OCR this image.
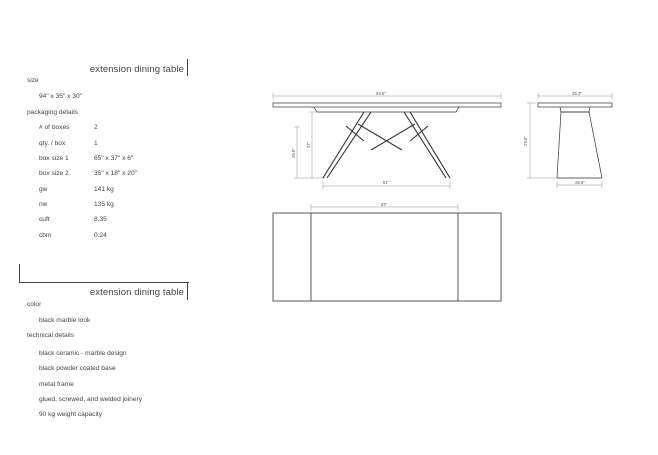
extension dining table
size
94" x 35" x 30"
packaging details
# of boxes	2
qty. / box	1
box size 1	65" x 37" x 6"
box size 2	35" x 18" x 20"
gw	141 kg
nw	135 kg
cuft	8.35
cbm	0.24
extension dining table
color
black marble look
technical details
black ceramic - marble design
black powder coated base
metal frame
glued, screwed, and welded joinery
90 kg weight capacity
94.5"
29.8"
27"
51"
35.3"
29.8"
28.9"
63"
